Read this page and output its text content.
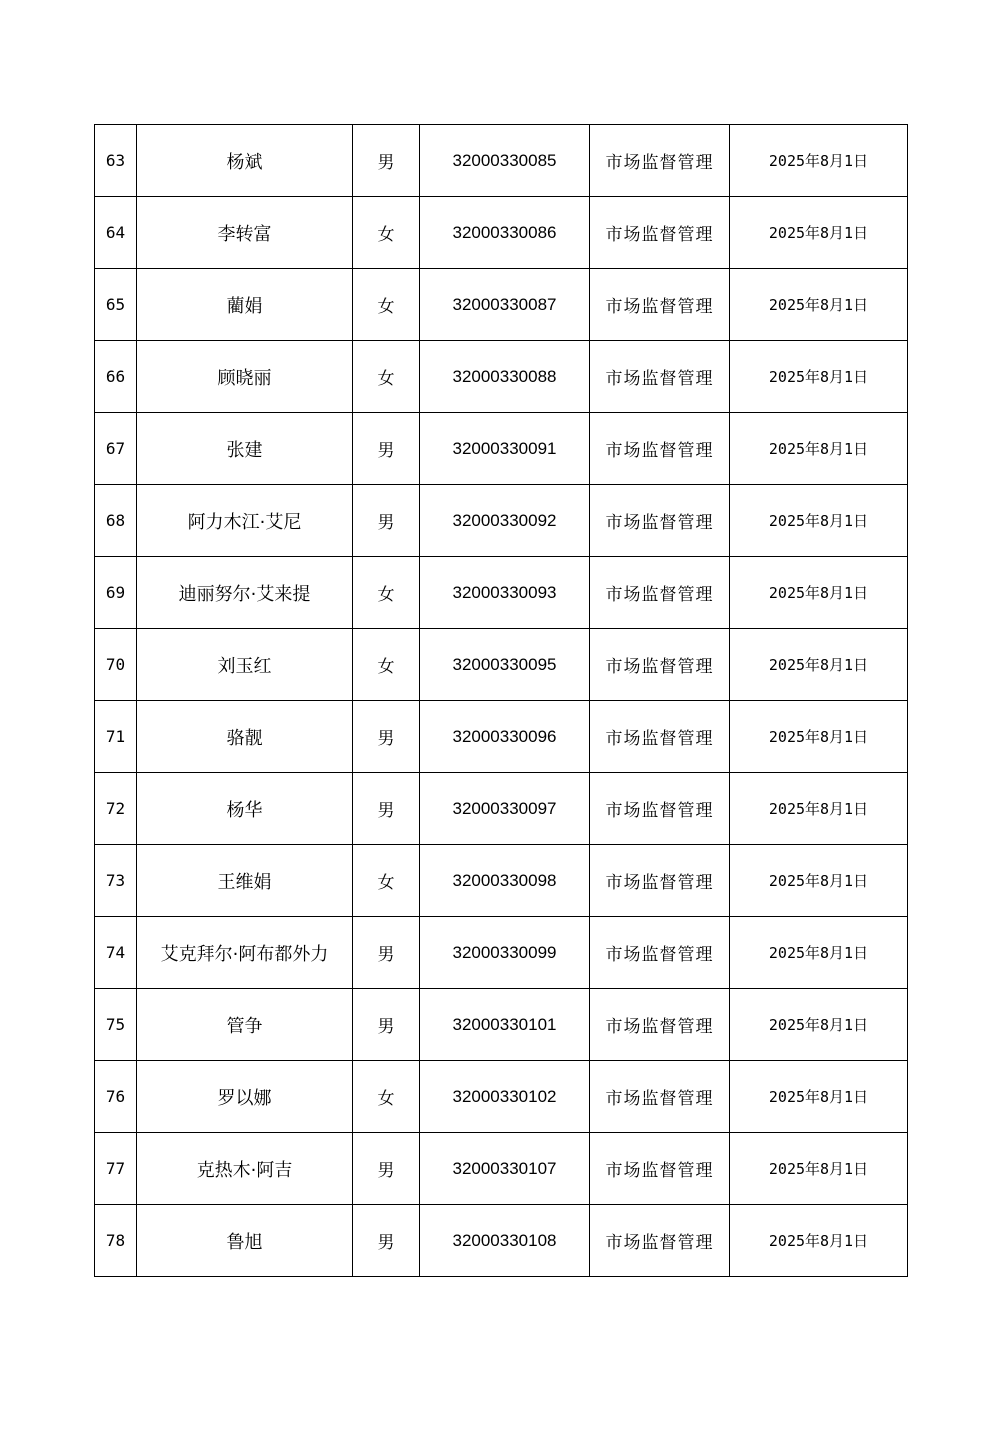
63	杨斌	男	32000330085	市场监督管理	2025年8月1日
64	李转富	女	32000330086	市场监督管理	2025年8月1日
65	藺娟	女	32000330087	市场监督管理	2025年8月1日
66	顾晓丽	女	32000330088	市场监督管理	2025年8月1日
67	张建	男	32000330091	市场监督管理	2025年8月1日
68	阿力木江·艾尼	男	32000330092	市场监督管理	2025年8月1日
69	迪丽努尔·艾来提	女	32000330093	市场监督管理	2025年8月1日
70	刘玉红	女	32000330095	市场监督管理	2025年8月1日
71	骆靓	男	32000330096	市场监督管理	2025年8月1日
72	杨华	男	32000330097	市场监督管理	2025年8月1日
73	王维娟	女	32000330098	市场监督管理	2025年8月1日
74	艾克拜尔·阿布都外力	男	32000330099	市场监督管理	2025年8月1日
75	管争	男	32000330101	市场监督管理	2025年8月1日
76	罗以娜	女	32000330102	市场监督管理	2025年8月1日
77	克热木·阿吉	男	32000330107	市场监督管理	2025年8月1日
78	鲁旭	男	32000330108	市场监督管理	2025年8月1日
